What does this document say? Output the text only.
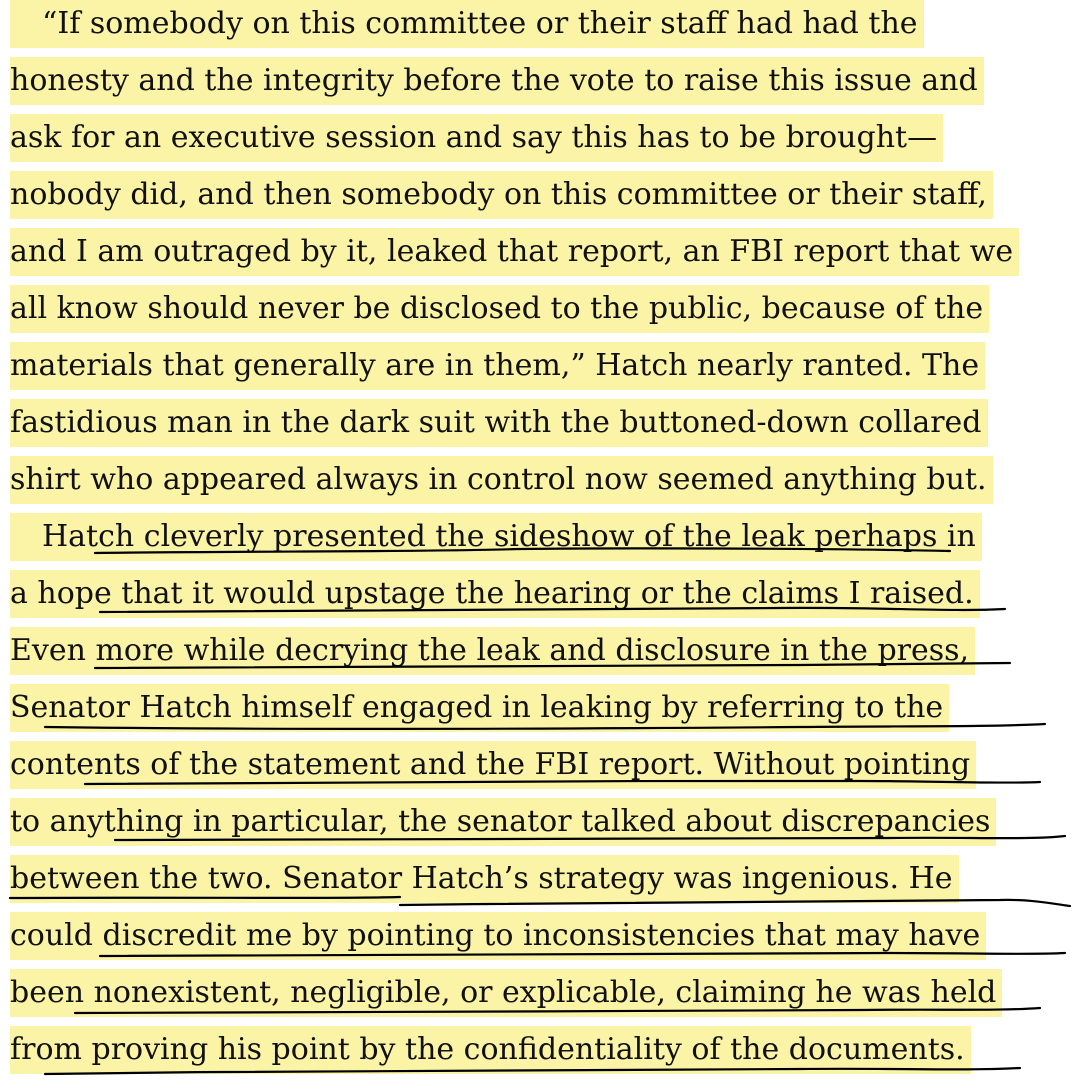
“If somebody on this committee or their staff had had the
honesty and the integrity before the vote to raise this issue and
ask for an executive session and say this has to be brought—
nobody did, and then somebody on this committee or their staff,
and I am outraged by it, leaked that report, an FBI report that we
all know should never be disclosed to the public, because of the
materials that generally are in them,” Hatch nearly ranted. The
fastidious man in the dark suit with the buttoned-down collared
shirt who appeared always in control now seemed anything but.
Hatch cleverly presented the sideshow of the leak perhaps in
a hope that it would upstage the hearing or the claims I raised.
Even more while decrying the leak and disclosure in the press,
Senator Hatch himself engaged in leaking by referring to the
contents of the statement and the FBI report. Without pointing
to anything in particular, the senator talked about discrepancies
between the two. Senator Hatch’s strategy was ingenious. He
could discredit me by pointing to inconsistencies that may have
been nonexistent, negligible, or explicable, claiming he was held
from proving his point by the confidentiality of the documents.
